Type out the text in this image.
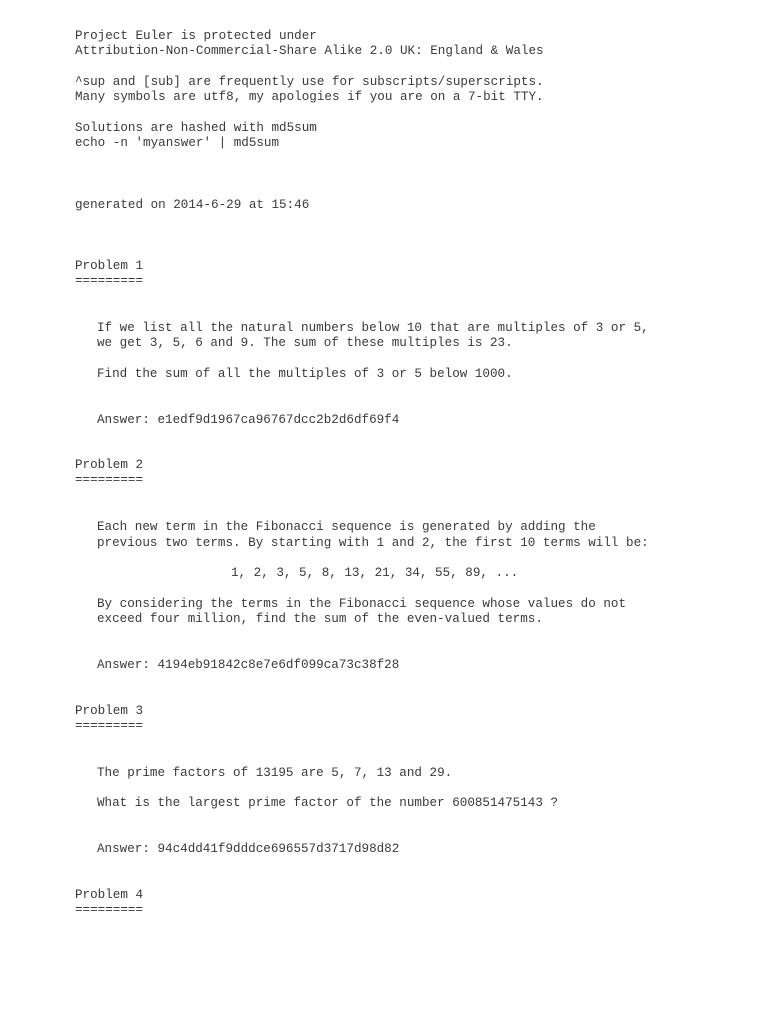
Project Euler is protected under

Attribution-Non-Commercial-Share Alike 2.0 UK: England & Wales

^sup and [sub] are frequently use for subscripts/superscripts.

Many symbols are utf8, my apologies if you are on a 7-bit TTY.

Solutions are hashed with md5sum

echo -n 'myanswer' | md5sum

generated on 2014-6-29 at 15:46

Problem 1

=========

If we list all the natural numbers below 10 that are multiples of 3 or 5,

we get 3, 5, 6 and 9. The sum of these multiples is 23.

Find the sum of all the multiples of 3 or 5 below 1000.

Answer: e1edf9d1967ca96767dcc2b2d6df69f4

Problem 2

=========

Each new term in the Fibonacci sequence is generated by adding the

previous two terms. By starting with 1 and 2, the first 10 terms will be:

1, 2, 3, 5, 8, 13, 21, 34, 55, 89, ...

By considering the terms in the Fibonacci sequence whose values do not

exceed four million, find the sum of the even-valued terms.

Answer: 4194eb91842c8e7e6df099ca73c38f28

Problem 3

=========

The prime factors of 13195 are 5, 7, 13 and 29.

What is the largest prime factor of the number 600851475143 ?

Answer: 94c4dd41f9dddce696557d3717d98d82

Problem 4

=========
